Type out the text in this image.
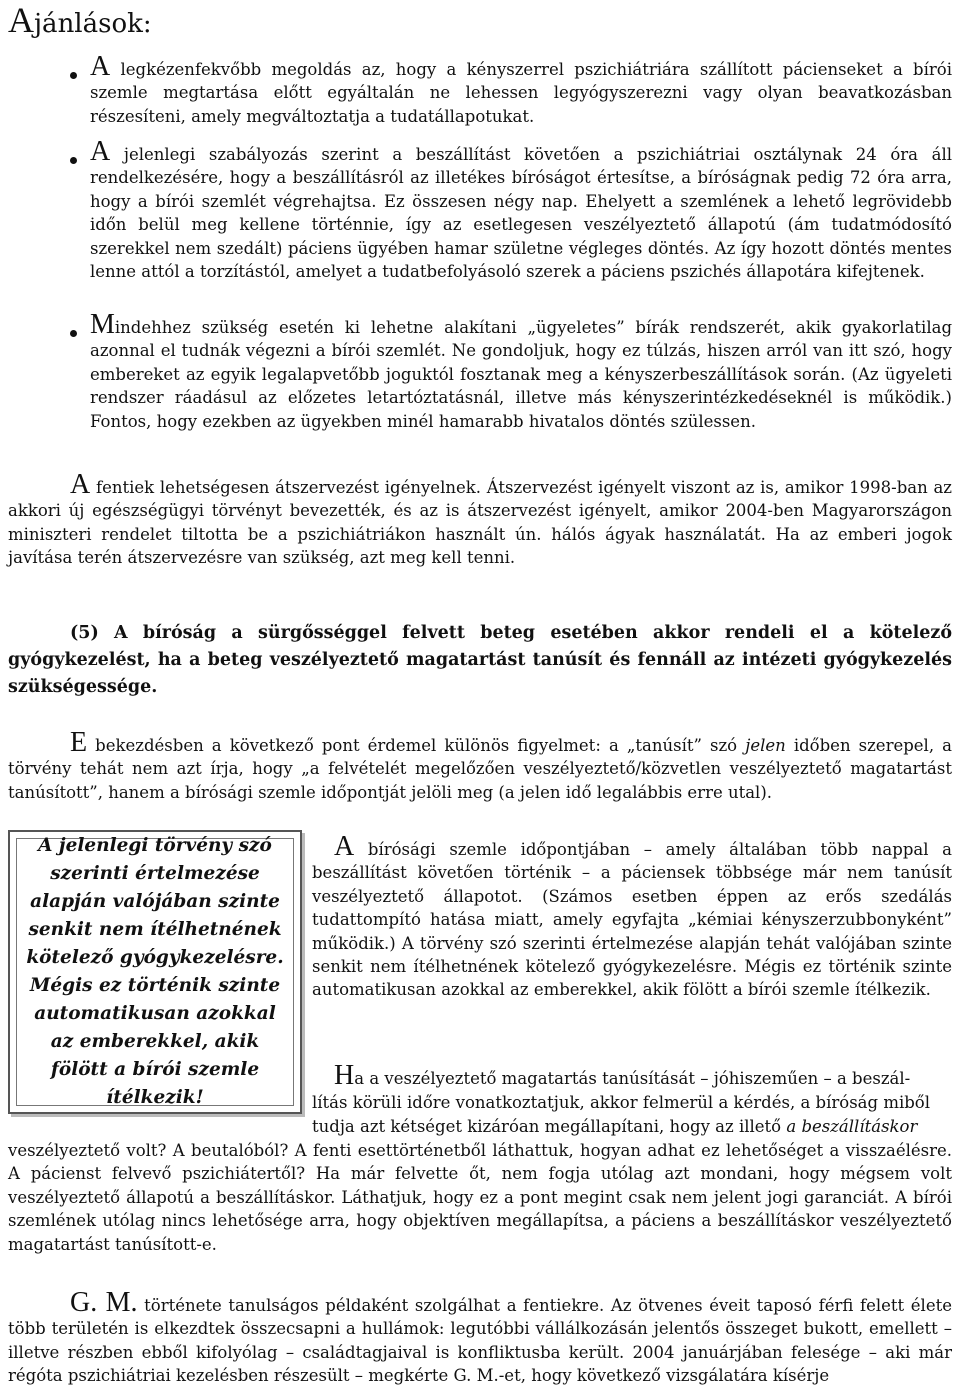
Ajánlások:

A legkézenfekvőbb megoldás az, hogy a kényszerrel pszichiátriára szállított pácienseket a bírói szemle megtartása előtt egyáltalán ne lehessen legyógyszerezni vagy olyan beavatkozásban részesíteni, amely megváltoztatja a tudatállapotukat.

A jelenlegi szabályozás szerint a beszállítást követően a pszichiátriai osztálynak 24 óra áll rendelkezésére, hogy a beszállításról az illetékes bíróságot értesítse, a bíróságnak pedig 72 óra arra, hogy a bírói szemlét végrehajtsa. Ez összesen négy nap. Ehelyett a szemlének a lehető legrövidebb időn belül meg kellene történnie, így az esetlegesen veszélyeztető állapotú (ám tudatmódosító szerekkel nem szedált) páciens ügyében hamar születne végleges döntés. Az így hozott döntés mentes lenne attól a torzítástól, amelyet a tudatbefolyásoló szerek a páciens pszichés állapotára kifejtenek.

Mindehhez szükség esetén ki lehetne alakítani „ügyeletes” bírák rendszerét, akik gyakorlatilag azonnal el tudnák végezni a bírói szemlét. Ne gondoljuk, hogy ez túlzás, hiszen arról van itt szó, hogy embereket az egyik legalapvetőbb joguktól fosztanak meg a kényszerbeszállítások során. (Az ügyeleti rendszer ráadásul az előzetes letartóztatásnál, illetve más kényszerintézkedéseknél is működik.) Fontos, hogy ezekben az ügyekben minél hamarabb hivatalos döntés szülessen.

A fentiek lehetségesen átszervezést igényelnek. Átszervezést igényelt viszont az is, amikor 1998-ban az akkori új egészségügyi törvényt bevezették, és az is átszervezést igényelt, amikor 2004-ben Magyarországon miniszteri rendelet tiltotta be a pszichiátriákon használt ún. hálós ágyak használatát. Ha az emberi jogok javítása terén átszervezésre van szükség, azt meg kell tenni.

(5) A bíróság a sürgősséggel felvett beteg esetében akkor rendeli el a kötelező gyógykezelést, ha a beteg veszélyeztető magatartást tanúsít és fennáll az intézeti gyógykezelés szükségessége.

E bekezdésben a következő pont érdemel különös figyelmet: a „tanúsít” szó jelen időben szerepel, a törvény tehát nem azt írja, hogy „a felvételét megelőzően veszélyeztető/közvetlen veszélyeztető magatartást tanúsított”, hanem a bírósági szemle időpontját jelöli meg (a jelen idő legalábbis erre utal).

A jelenlegi törvény szó szerinti értelmezése alapján valójában szinte senkit nem ítélhetnének kötelező gyógykezelésre. Mégis ez történik szinte automatikusan azokkal az emberekkel, akik fölött a bírói szemle ítélkezik!

A bírósági szemle időpontjában – amely általában több nappal a beszállítást követően történik – a páciensek többsége már nem tanúsít veszélyeztető állapotot. (Számos esetben éppen az erős szedálás tudattompító hatása miatt, amely egyfajta „kémiai kényszerzubbonyként” működik.) A törvény szó szerinti értelmezése alapján tehát valójában szinte senkit nem ítélhetnének kötelező gyógykezelésre. Mégis ez történik szinte automatikusan azokkal az emberekkel, akik fölött a bírói szemle ítélkezik.

Ha a veszélyeztető magatartás tanúsítását – jóhiszeműen – a beszál-

lítás körüli időre vonatkoztatjuk, akkor felmerül a kérdés, a bíróság miből

tudja azt kétséget kizáróan megállapítani, hogy az illető a beszállításkor

veszélyeztető volt? A beutalóból? A fenti esettörténetből láthattuk, hogyan adhat ez lehetőséget a visszaélésre. A pácienst felvevő pszichiátertől? Ha már felvette őt, nem fogja utólag azt mondani, hogy mégsem volt veszélyeztető állapotú a beszállításkor. Láthatjuk, hogy ez a pont megint csak nem jelent jogi garanciát. A bírói szemlének utólag nincs lehetősége arra, hogy objektíven megállapítsa, a páciens a beszállításkor veszélyeztető magatartást tanúsított-e.

G. M. története tanulságos példaként szolgálhat a fentiekre. Az ötvenes éveit taposó férfi felett élete több területén is elkezdtek összecsapni a hullámok: legutóbbi vállálkozásán jelentős összeget bukott, emellett – illetve részben ebből kifolyólag – családtagjaival is konfliktusba került. 2004 januárjában felesége – aki már régóta pszichiátriai kezelésben részesült – megkérte G. M.-et, hogy következő vizsgálatára kísérje
